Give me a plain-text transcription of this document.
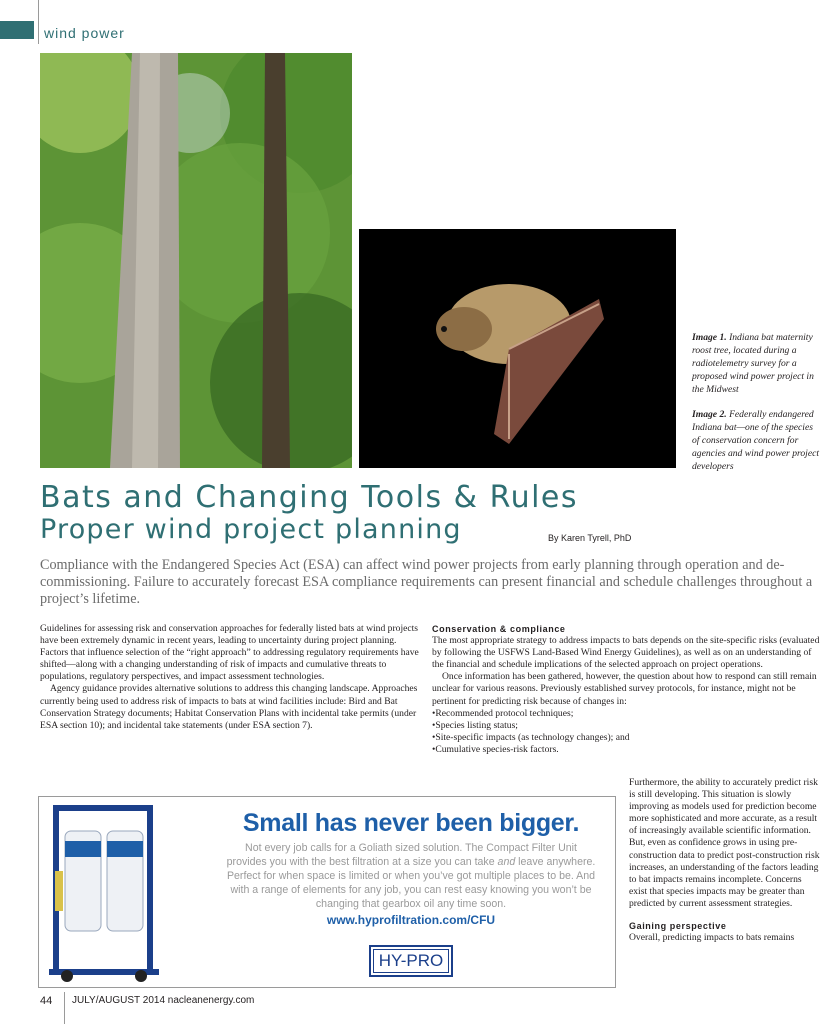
wind power
Image 1. Indiana bat maternity roost tree, located during a radiotelemetry survey for a proposed wind power project in the Midwest
Image 2. Federally endangered Indiana bat—one of the species of conservation concern for agencies and wind power project developers
Bats and Changing Tools & Rules
Proper wind project planning	By Karen Tyrell, PhD
Compliance with the Endangered Species Act (ESA) can affect wind power projects from early planning through operation and de-commissioning. Failure to accurately forecast ESA compliance requirements can present financial and schedule challenges throughout a project’s lifetime.

Guidelines for assessing risk and conservation approaches for federally listed bats at wind projects have been extremely dynamic in recent years, leading to uncertainty during project planning. Factors that influence selection of the “right approach” to addressing regulatory requirements have shifted—along with a changing understanding of risk of impacts and cumulative threats to populations, regulatory perspectives, and impact assessment technologies.

Agency guidance provides alternative solutions to address this changing landscape. Approaches currently being used to address risk of impacts to bats at wind facilities include: Bird and Bat Conservation Strategy documents; Habitat Conservation Plans with incidental take permits (under ESA section 10); and incidental take statements (under ESA section 7).

Conservation & compliance

The most appropriate strategy to address impacts to bats depends on the site-specific risks (evaluated by following the USFWS Land-Based Wind Energy Guidelines), as well as on an understanding of the financial and schedule implications of the selected approach on project operations.

Once information has been gathered, however, the question about how to respond can still remain unclear for various reasons. Previously established survey protocols, for instance, might not be pertinent for predicting risk because of changes in:

• Recommended protocol techniques;
• Species listing status;
• Site-specific impacts (as technology changes); and
• Cumulative species-risk factors.

Furthermore, the ability to accurately predict risk is still developing. This situation is slowly improving as models used for prediction become more sophisticated and more accurate, as a result of increasingly available scientific information. But, even as confidence grows in using pre-construction data to predict post-construction risk increases, an understanding of the factors leading to bat impacts remains incomplete. Concerns exist that species impacts may be greater than predicted by current assessment strategies.

Gaining perspective

Overall, predicting impacts to bats remains

Small has never been bigger.
Not every job calls for a Goliath sized solution. The Compact Filter Unit provides you with the best filtration at a size you can take and leave anywhere. Perfect for when space is limited or when you’ve got multiple places to be. And with a range of elements for any job, you can rest easy knowing you won’t be changing that gearbox oil any time soon.
www.hyprofiltration.com/CFU
HY-PRO
44 JULY/AUGUST 2014 nacleanenergy.com
